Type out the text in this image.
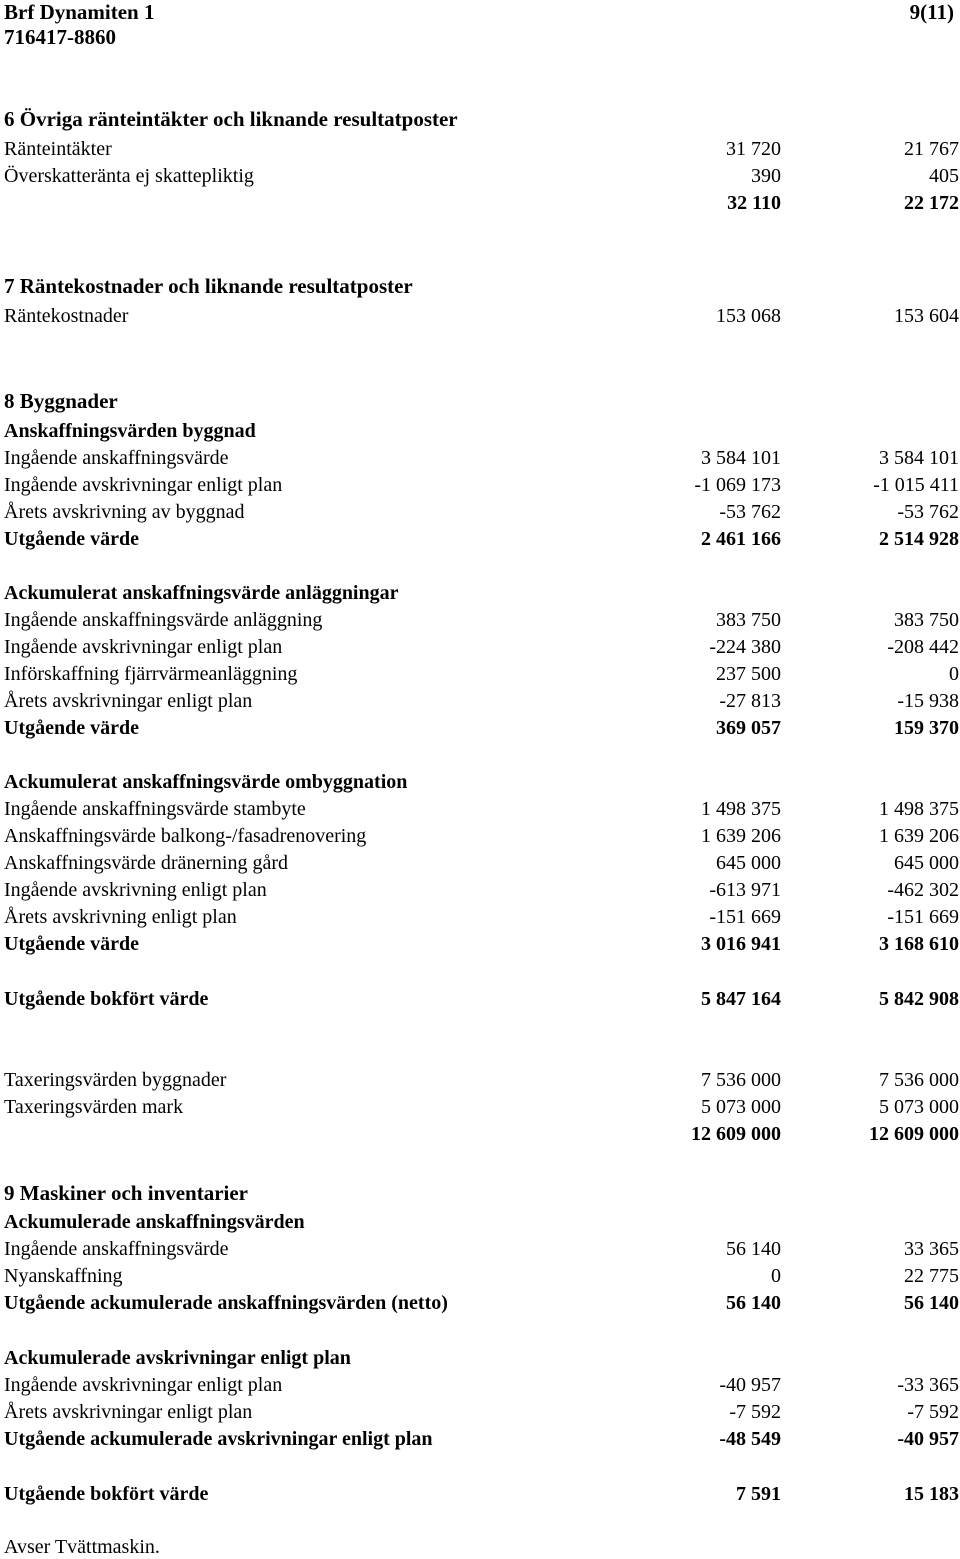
Brf Dynamiten 1
716417-8860
9(11)
6 Övriga ränteintäkter och liknande resultatposter
Ränteintäkter	31 720	21 767
Överskatteränta ej skattepliktig	390	405
32 110	22 172
7 Räntekostnader och liknande resultatposter
Räntekostnader	153 068	153 604
8 Byggnader
Anskaffningsvärden byggnad
Ingående anskaffningsvärde	3 584 101	3 584 101
Ingående avskrivningar enligt plan	-1 069 173	-1 015 411
Årets avskrivning av byggnad	-53 762	-53 762
Utgående värde	2 461 166	2 514 928
Ackumulerat anskaffningsvärde anläggningar
Ingående anskaffningsvärde anläggning	383 750	383 750
Ingående avskrivningar enligt plan	-224 380	-208 442
Införskaffning fjärrvärmeanläggning	237 500	0
Årets avskrivningar enligt plan	-27 813	-15 938
Utgående värde	369 057	159 370
Ackumulerat anskaffningsvärde ombyggnation
Ingående anskaffningsvärde stambyte	1 498 375	1 498 375
Anskaffningsvärde balkong-/fasadrenovering	1 639 206	1 639 206
Anskaffningsvärde dränerning gård	645 000	645 000
Ingående avskrivning enligt plan	-613 971	-462 302
Årets avskrivning enligt plan	-151 669	-151 669
Utgående värde	3 016 941	3 168 610
Utgående bokfört värde	5 847 164	5 842 908
Taxeringsvärden byggnader	7 536 000	7 536 000
Taxeringsvärden mark	5 073 000	5 073 000
12 609 000	12 609 000
9 Maskiner och inventarier
Ackumulerade anskaffningsvärden
Ingående anskaffningsvärde	56 140	33 365
Nyanskaffning	0	22 775
Utgående ackumulerade anskaffningsvärden (netto)	56 140	56 140
Ackumulerade avskrivningar enligt plan
Ingående avskrivningar enligt plan	-40 957	-33 365
Årets avskrivningar enligt plan	-7 592	-7 592
Utgående ackumulerade avskrivningar enligt plan	-48 549	-40 957
Utgående bokfört värde	7 591	15 183
Avser Tvättmaskin.
